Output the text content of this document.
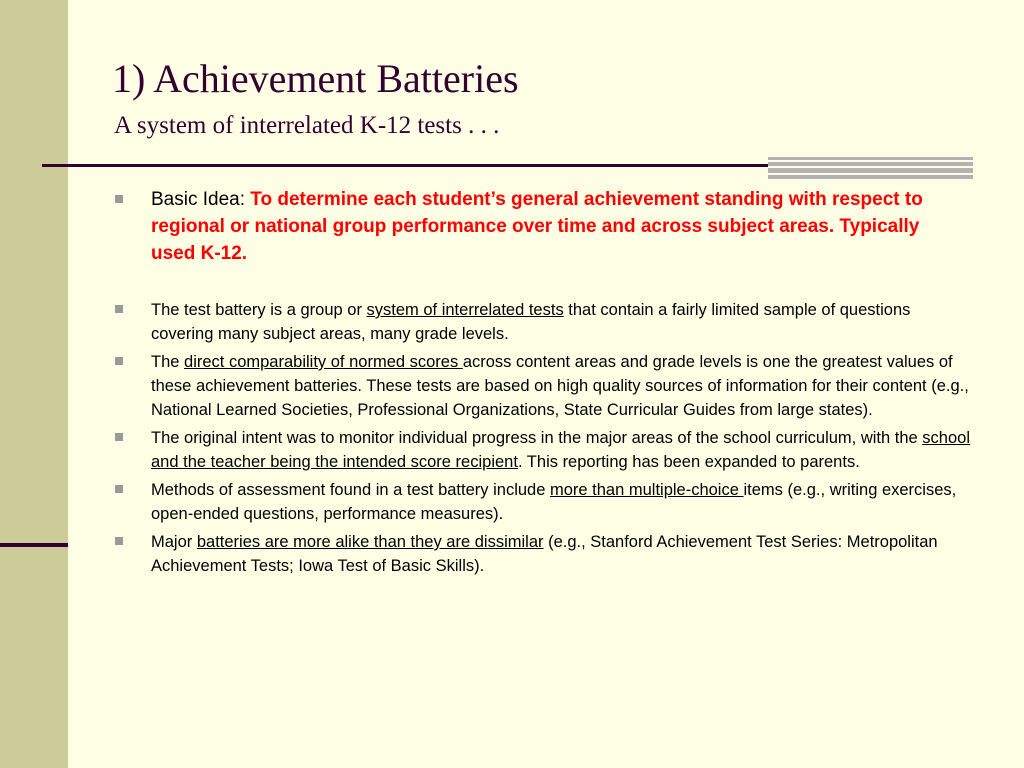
1) Achievement Batteries
A system of interrelated K-12 tests . . .
Basic Idea: To determine each student’s general achievement standing with respect to regional or national group performance over time and across subject areas. Typically used K-12.
The test battery is a group or system of interrelated tests that contain a fairly limited sample of questions covering many subject areas, many grade levels.
The direct comparability of normed scores across content areas and grade levels is one the greatest values of these achievement batteries. These tests are based on high quality sources of information for their content (e.g., National Learned Societies, Professional Organizations, State Curricular Guides from large states).
The original intent was to monitor individual progress in the major areas of the school curriculum, with the school and the teacher being the intended score recipient. This reporting has been expanded to parents.
Methods of assessment found in a test battery include more than multiple-choice items (e.g., writing exercises, open-ended questions, performance measures).
Major batteries are more alike than they are dissimilar (e.g., Stanford Achievement Test Series: Metropolitan Achievement Tests; Iowa Test of Basic Skills).
